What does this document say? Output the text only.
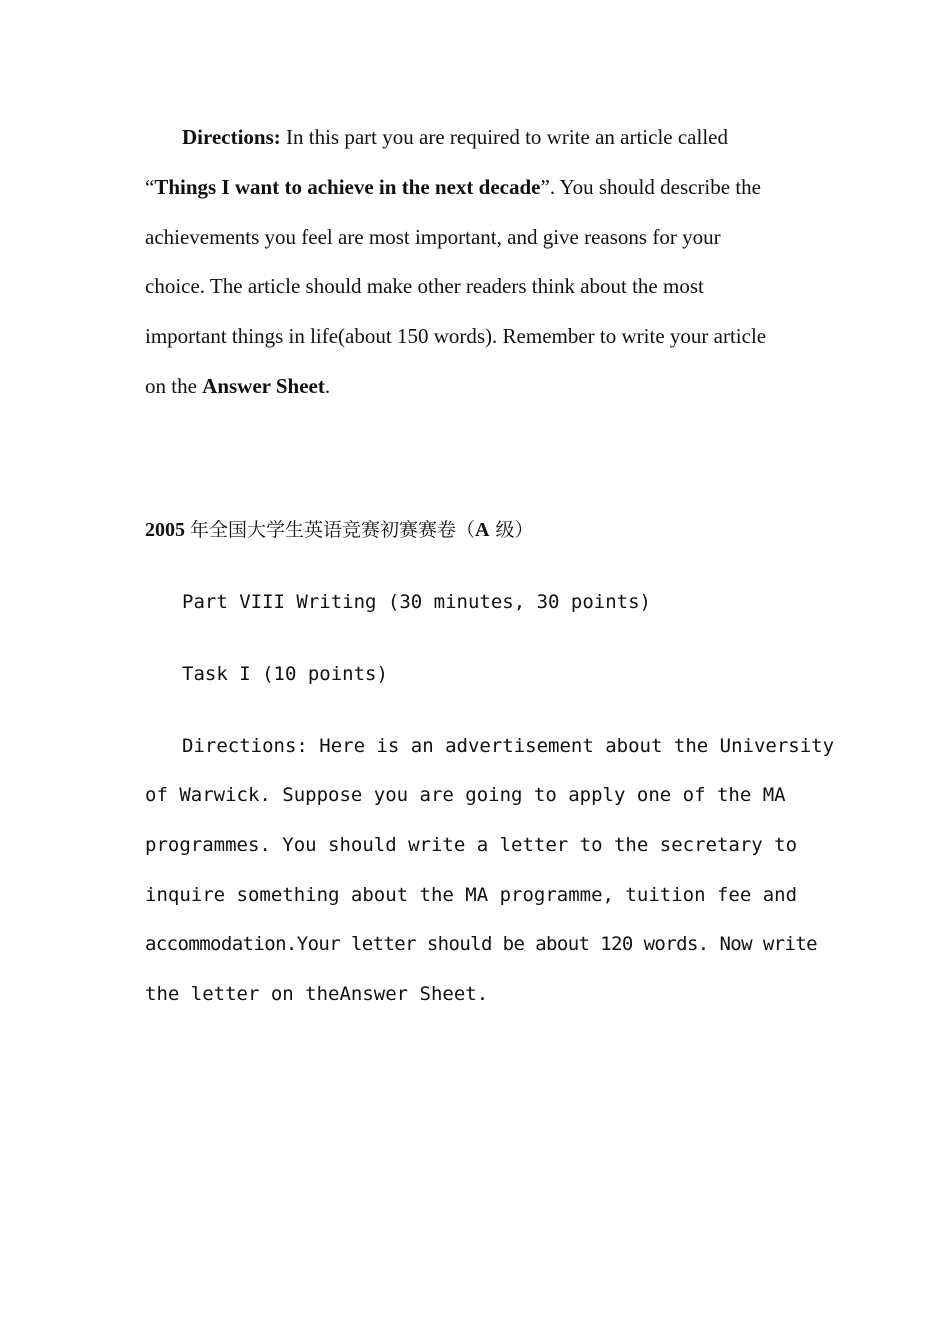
Directions: In this part you are required to write an article called
“Things I want to achieve in the next decade”. You should describe the
achievements you feel are most important, and give reasons for your
choice. The article should make other readers think about the most
important things in life(about 150 words). Remember to write your article
on the Answer Sheet.
2005 年全国大学生英语竞赛初赛赛卷（A 级）
Part VIII Writing (30 minutes, 30 points)
Task I (10 points)
Directions: Here is an advertisement about the University
of Warwick. Suppose you are going to apply one of the MA
programmes. You should write a letter to the secretary to
inquire something about the MA programme, tuition fee and
accommodation.Your letter should be about 120 words. Now write
the letter on theAnswer Sheet.
